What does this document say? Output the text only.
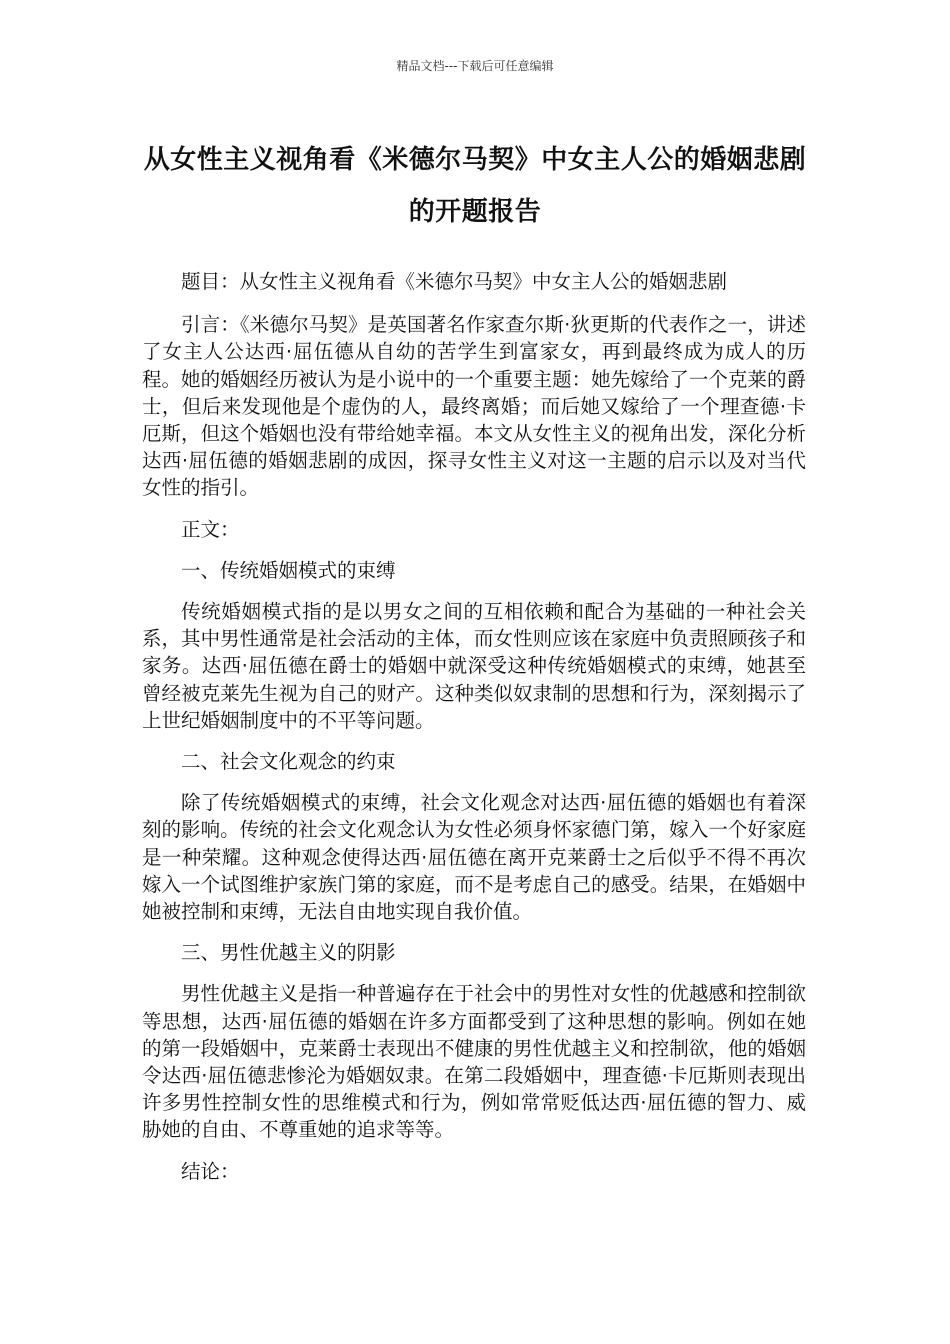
精品文档---下载后可任意编辑
从女性主义视角看《米德尔马契》中女主人公的婚姻悲剧的开题报告

题目：从女性主义视角看《米德尔马契》中女主人公的婚姻悲剧

引言：《米德尔马契》是英国著名作家查尔斯·狄更斯的代表作之一，讲述了女主人公达西·屈伍德从自幼的苦学生到富家女，再到最终成为成人的历程。她的婚姻经历被认为是小说中的一个重要主题：她先嫁给了一个克莱的爵士，但后来发现他是个虚伪的人，最终离婚；而后她又嫁给了一个理查德·卡厄斯，但这个婚姻也没有带给她幸福。本文从女性主义的视角出发，深化分析达西·屈伍德的婚姻悲剧的成因，探寻女性主义对这一主题的启示以及对当代女性的指引。

正文：

一、传统婚姻模式的束缚

传统婚姻模式指的是以男女之间的互相依赖和配合为基础的一种社会关系，其中男性通常是社会活动的主体，而女性则应该在家庭中负责照顾孩子和家务。达西·屈伍德在爵士的婚姻中就深受这种传统婚姻模式的束缚，她甚至曾经被克莱先生视为自己的财产。这种类似奴隶制的思想和行为，深刻揭示了上世纪婚姻制度中的不平等问题。

二、社会文化观念的约束

除了传统婚姻模式的束缚，社会文化观念对达西·屈伍德的婚姻也有着深刻的影响。传统的社会文化观念认为女性必须身怀家德门第，嫁入一个好家庭是一种荣耀。这种观念使得达西·屈伍德在离开克莱爵士之后似乎不得不再次嫁入一个试图维护家族门第的家庭，而不是考虑自己的感受。结果，在婚姻中她被控制和束缚，无法自由地实现自我价值。

三、男性优越主义的阴影

男性优越主义是指一种普遍存在于社会中的男性对女性的优越感和控制欲等思想，达西·屈伍德的婚姻在许多方面都受到了这种思想的影响。例如在她的第一段婚姻中，克莱爵士表现出不健康的男性优越主义和控制欲，他的婚姻令达西·屈伍德悲惨沦为婚姻奴隶。在第二段婚姻中，理查德·卡厄斯则表现出许多男性控制女性的思维模式和行为，例如常常贬低达西·屈伍德的智力、威胁她的自由、不尊重她的追求等等。

结论：
